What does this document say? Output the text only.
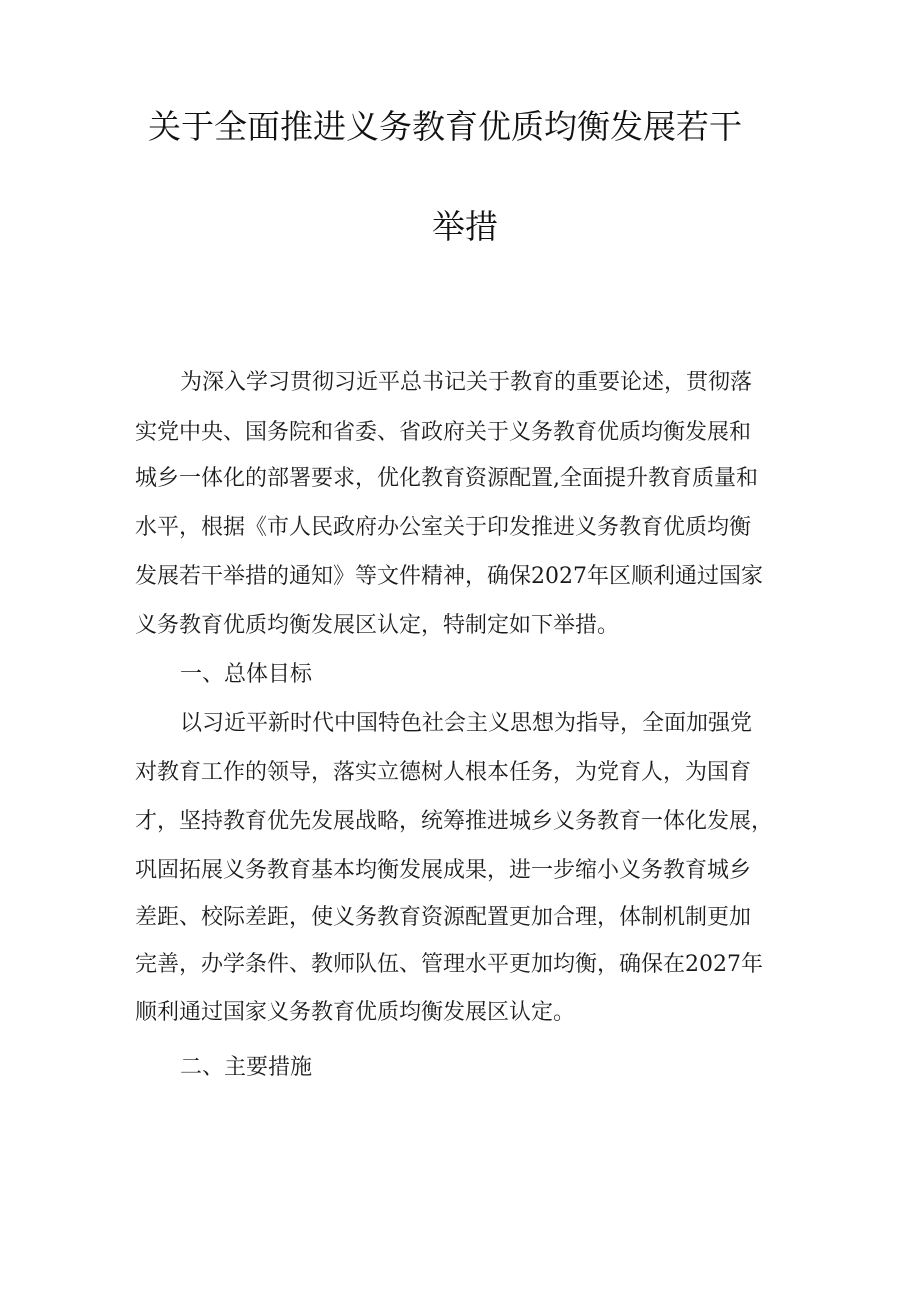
关于全面推进义务教育优质均衡发展若干
举措
为深入学习贯彻习近平总书记关于教育的重要论述，贯彻落
实党中央、国务院和省委、省政府关于义务教育优质均衡发展和
城乡一体化的部署要求，优化教育资源配置,全面提升教育质量和
水平，根据《市人民政府办公室关于印发推进义务教育优质均衡
发展若干举措的通知》等文件精神，确保2027年区顺利通过国家
义务教育优质均衡发展区认定，特制定如下举措。
一、总体目标
以习近平新时代中国特色社会主义思想为指导，全面加强党
对教育工作的领导，落实立德树人根本任务，为党育人，为国育
才，坚持教育优先发展战略，统筹推进城乡义务教育一体化发展，
巩固拓展义务教育基本均衡发展成果，进一步缩小义务教育城乡
差距、校际差距，使义务教育资源配置更加合理，体制机制更加
完善，办学条件、教师队伍、管理水平更加均衡，确保在2027年
顺利通过国家义务教育优质均衡发展区认定。
二、主要措施
